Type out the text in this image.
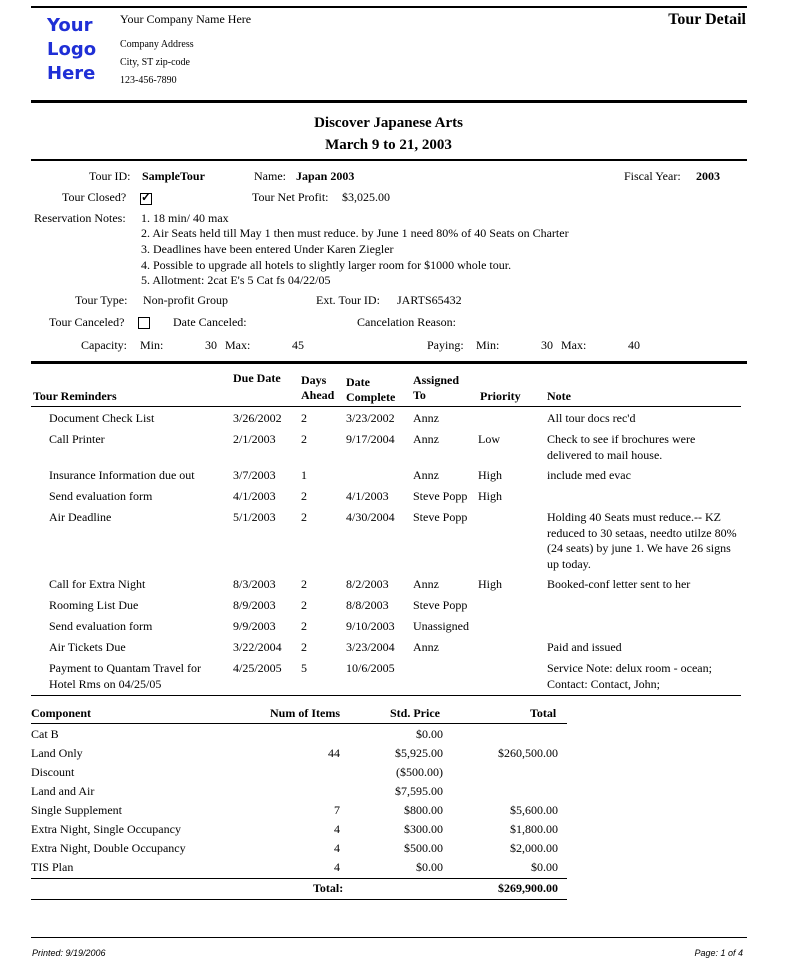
Your
Logo
Here
Your Company Name Here
Company Address
City, ST zip-code
123-456-7890
Tour Detail
Discover Japanese Arts
March 9 to 21, 2003
Tour ID: SampleTour	Name: Japan 2003	Fiscal Year: 2003
Tour Closed?
✓	Tour Net Profit: $3,025.00
Reservation Notes: 1. 18 min/ 40 max
2. Air Seats held till May 1 then must reduce. by June 1 need 80% of 40 Seats on Charter
3. Deadlines have been entered Under Karen Ziegler
4. Possible to upgrade all hotels to slightly larger room for $1000 whole tour.
5. Allotment: 2cat E's 5 Cat fs 04/22/05
Tour Type: Non-profit Group	Ext. Tour ID: JARTS65432
Tour Canceled?	Date Canceled:	Cancelation Reason:
Capacity: Min:	30 Max:	45	Paying: Min:	30 Max:	40
Tour Reminders
Due Date Days Ahead
Date Complete
Assigned To	Priority Note
Document Check List	3/26/2002 2	3/23/2002 Annz	All tour docs rec'd
Call Printer	2/1/2003 2	9/17/2004 Annz	Low	Check to see if brochures were delivered to mail house.
Insurance Information due out	3/7/2003 1	Annz	High	include med evac
Send evaluation form	4/1/2003 2	4/1/2003 Steve Popp High
Air Deadline	5/1/2003 2	4/30/2004 Steve Popp	Holding 40 Seats must reduce.-- KZ reduced to 30 setaas, needto utilze 80% (24 seats) by june 1. We have 26 signs up today.
Call for Extra Night	8/3/2003 2	8/2/2003 Annz	High	Booked-conf letter sent to her
Rooming List Due	8/9/2003 2	8/8/2003 Steve Popp
Send evaluation form	9/9/2003 2	9/10/2003 Unassigned
Air Tickets Due	3/22/2004 2	3/23/2004 Annz	Paid and issued
Payment to Quantam Travel for Hotel Rms on 04/25/05
4/25/2005 5	10/6/2005	Service Note: delux room - ocean; Contact: Contact, John;
Component	Num of Items	Std. Price	Total
Cat B	$0.00
Land Only	44	$5,925.00	$260,500.00
Discount	($500.00)
Land and Air	$7,595.00
Single Supplement	7	$800.00	$5,600.00
Extra Night, Single Occupancy	4	$300.00	$1,800.00
Extra Night, Double Occupancy	4	$500.00	$2,000.00
TIS Plan	4	$0.00	$0.00
Total:	$269,900.00
Printed: 9/19/2006	Page: 1 of 4
